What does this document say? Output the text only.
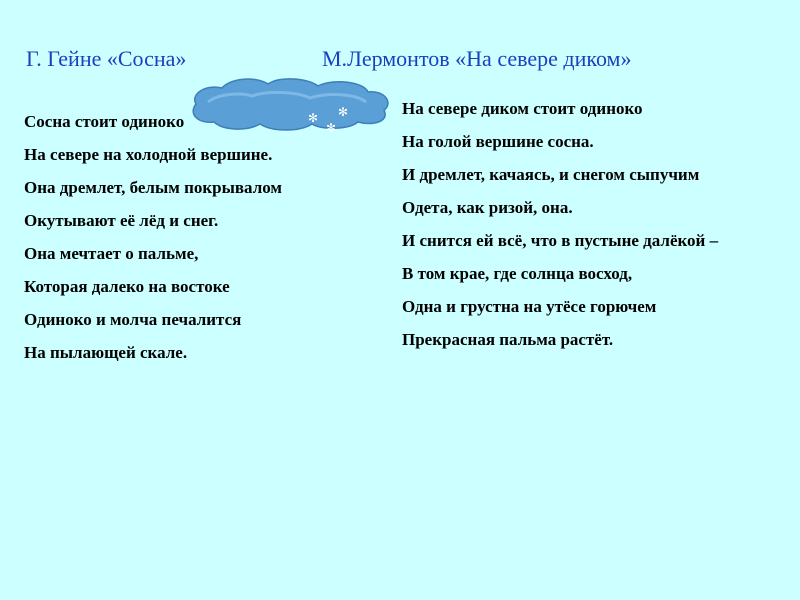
Г. Гейне «Сосна»	М.Лермонтов «На севере диком»
✻ ✻
✻
Сосна стоит одиноко
На севере на холодной вершине.
Она дремлет, белым покрывалом
Окутывают её лёд и снег.
Она мечтает о пальме,
Которая далеко на востоке
Одиноко и молча печалится
На пылающей скале.
На севере диком стоит одиноко
На голой вершине сосна.
И дремлет, качаясь, и снегом сыпучим
Одета, как ризой, она.
И снится ей всё, что в пустыне далёкой –
В том крае, где солнца восход,
Одна и грустна на утёсе горючем
Прекрасная пальма растёт.
